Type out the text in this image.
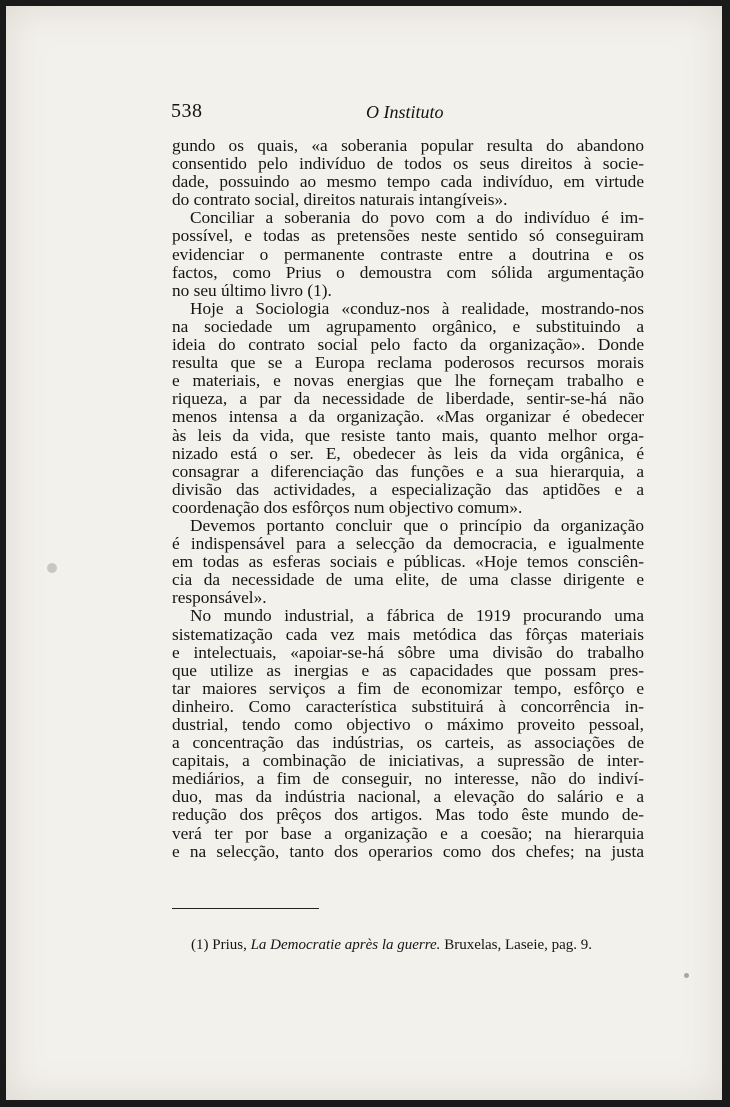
538	O Instituto
gundo os quais, «a soberania popular resulta do abandono
consentido pelo indivíduo de todos os seus direitos à socie-
dade, possuindo ao mesmo tempo cada indivíduo, em virtude
do contrato social, direitos naturais intangíveis».
Conciliar a soberania do povo com a do indivíduo é im-
possível, e todas as pretensões neste sentido só conseguiram
evidenciar o permanente contraste entre a doutrina e os
factos, como Prius o demoustra com sólida argumentação
no seu último livro (1).
Hoje a Sociologia «conduz-nos à realidade, mostrando-nos
na sociedade um agrupamento orgânico, e substituindo a
ideia do contrato social pelo facto da organização». Donde
resulta que se a Europa reclama poderosos recursos morais
e materiais, e novas energias que lhe forneçam trabalho e
riqueza, a par da necessidade de liberdade, sentir-se-há não
menos intensa a da organização. «Mas organizar é obedecer
às leis da vida, que resiste tanto mais, quanto melhor orga-
nizado está o ser. E, obedecer às leis da vida orgânica, é
consagrar a diferenciação das funções e a sua hierarquia, a
divisão das actividades, a especialização das aptidões e a
coordenação dos esfôrços num objectivo comum».
Devemos portanto concluir que o princípio da organização
é indispensável para a selecção da democracia, e igualmente
em todas as esferas sociais e públicas. «Hoje temos consciên-
cia da necessidade de uma elite, de uma classe dirigente e
responsável».
No mundo industrial, a fábrica de 1919 procurando uma
sistematização cada vez mais metódica das fôrças materiais
e intelectuais, «apoiar-se-há sôbre uma divisão do trabalho
que utilize as inergias e as capacidades que possam pres-
tar maiores serviços a fim de economizar tempo, esfôrço e
dinheiro. Como característica substituirá à concorrência in-
dustrial, tendo como objectivo o máximo proveito pessoal,
a concentração das indústrias, os carteis, as associações de
capitais, a combinação de iniciativas, a supressão de inter-
mediários, a fim de conseguir, no interesse, não do indiví-
duo, mas da indústria nacional, a elevação do salário e a
redução dos prêços dos artigos. Mas todo êste mundo de-
verá ter por base a organização e a coesão; na hierarquia
e na selecção, tanto dos operarios como dos chefes; na justa
(1) Prius, La Democratie après la guerre. Bruxelas, Laseie, pag. 9.
